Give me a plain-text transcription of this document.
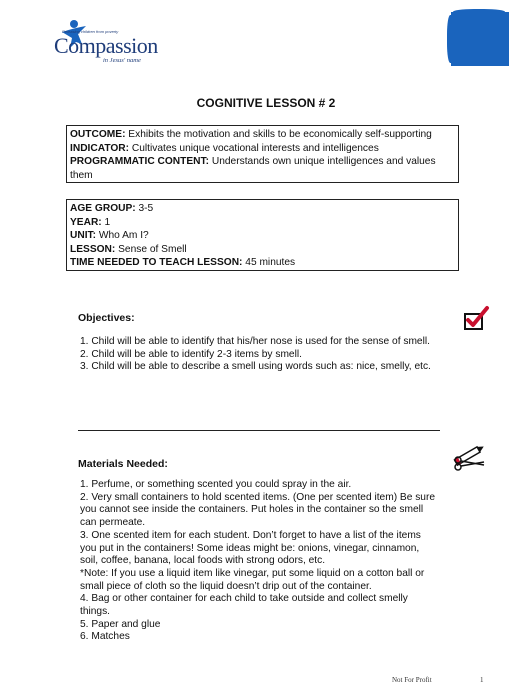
Releasing children from poverty
Compassion
in Jesus' name
COGNITIVE LESSON # 2
OUTCOME: Exhibits the motivation and skills to be economically self-supporting
INDICATOR: Cultivates unique vocational interests and intelligences
PROGRAMMATIC CONTENT: Understands own unique intelligences and values them
AGE GROUP: 3-5
YEAR: 1
UNIT: Who Am I?
LESSON: Sense of Smell
TIME NEEDED TO TEACH LESSON: 45 minutes
Objectives:

1. Child will be able to identify that his/her nose is used for the sense of smell.

2. Child will be able to identify 2-3 items by smell.

3. Child will be able to describe a smell using words such as: nice, smelly, etc.

Materials Needed:

1. Perfume, or something scented you could spray in the air.

2. Very small containers to hold scented items. (One per scented item) Be sure you cannot see inside the containers. Put holes in the container so the smell can permeate.

3. One scented item for each student. Don’t forget to have a list of the items you put in the containers! Some ideas might be: onions, vinegar, cinnamon, soil, coffee, banana, local foods with strong odors, etc.

*Note: If you use a liquid item like vinegar, put some liquid on a cotton ball or small piece of cloth so the liquid doesn’t drip out of the container.

4. Bag or other container for each child to take outside and collect smelly things.

5. Paper and glue

6. Matches

Not For Profit	1
